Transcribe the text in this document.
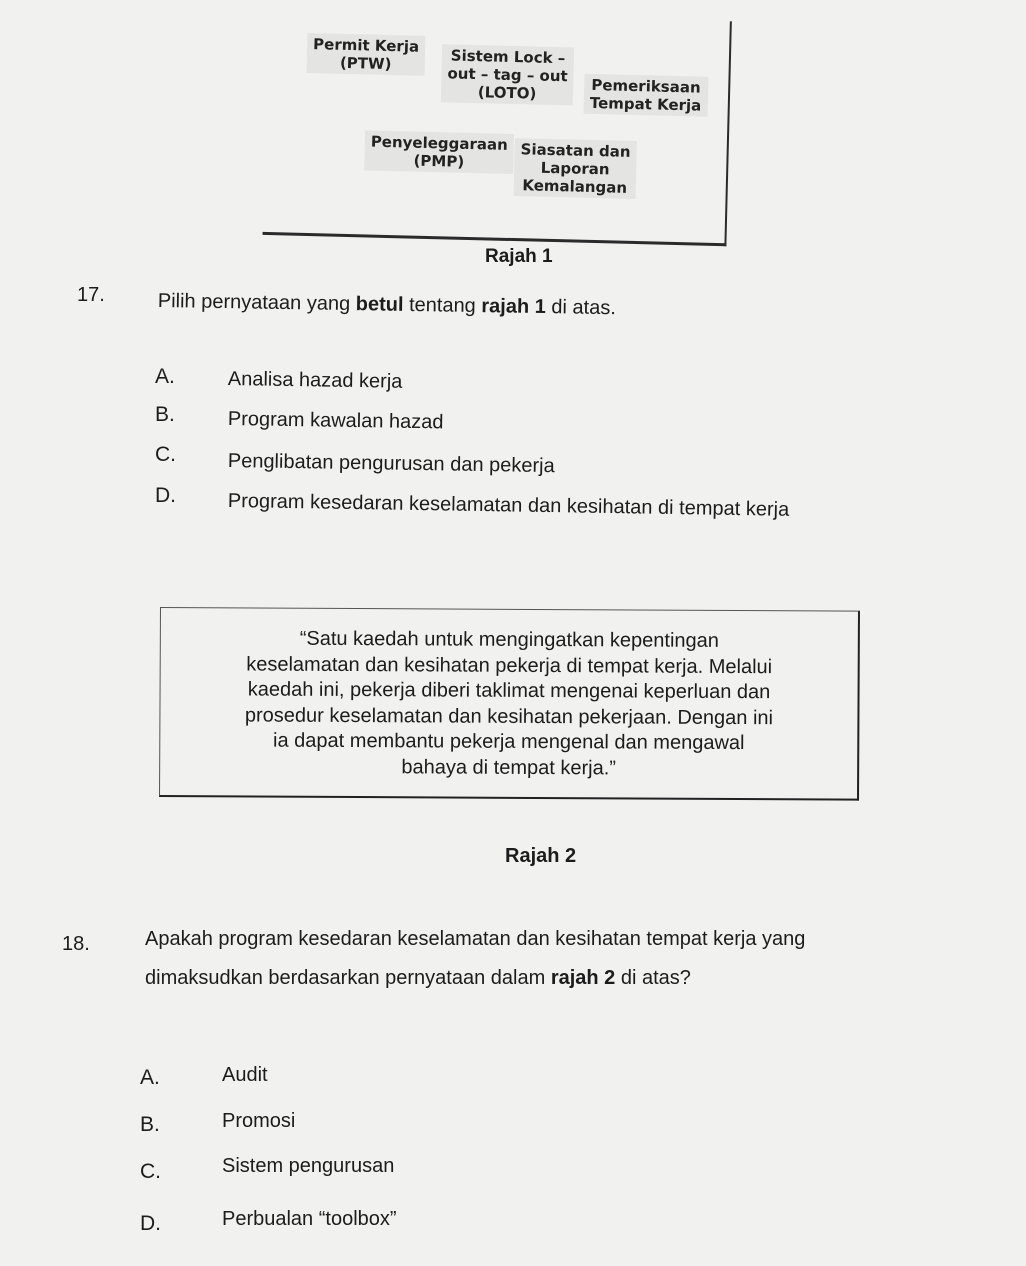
Permit Kerja
(PTW)	Sistem Lock –
out – tag – out
(LOTO)	Pemeriksaan
Tempat Kerja
Penyeleggaraan
(PMP)
Siasatan dan
Laporan
Kemalangan
Rajah 1
17.	Pilih pernyataan yang betul tentang rajah 1 di atas.
A.	Analisa hazad kerja
B.	Program kawalan hazad
C.	Penglibatan pengurusan dan pekerja
D.	Program kesedaran keselamatan dan kesihatan di tempat kerja
“Satu kaedah untuk mengingatkan kepentingan
keselamatan dan kesihatan pekerja di tempat kerja. Melalui
kaedah ini, pekerja diberi taklimat mengenai keperluan dan
prosedur keselamatan dan kesihatan pekerjaan. Dengan ini
ia dapat membantu pekerja mengenal dan mengawal
bahaya di tempat kerja.”
Rajah 2
18.	Apakah program kesedaran keselamatan dan kesihatan tempat kerja yang
dimaksudkan berdasarkan pernyataan dalam rajah 2 di atas?
A.	Audit
B.	Promosi
C.	Sistem pengurusan
D.	Perbualan “toolbox”
